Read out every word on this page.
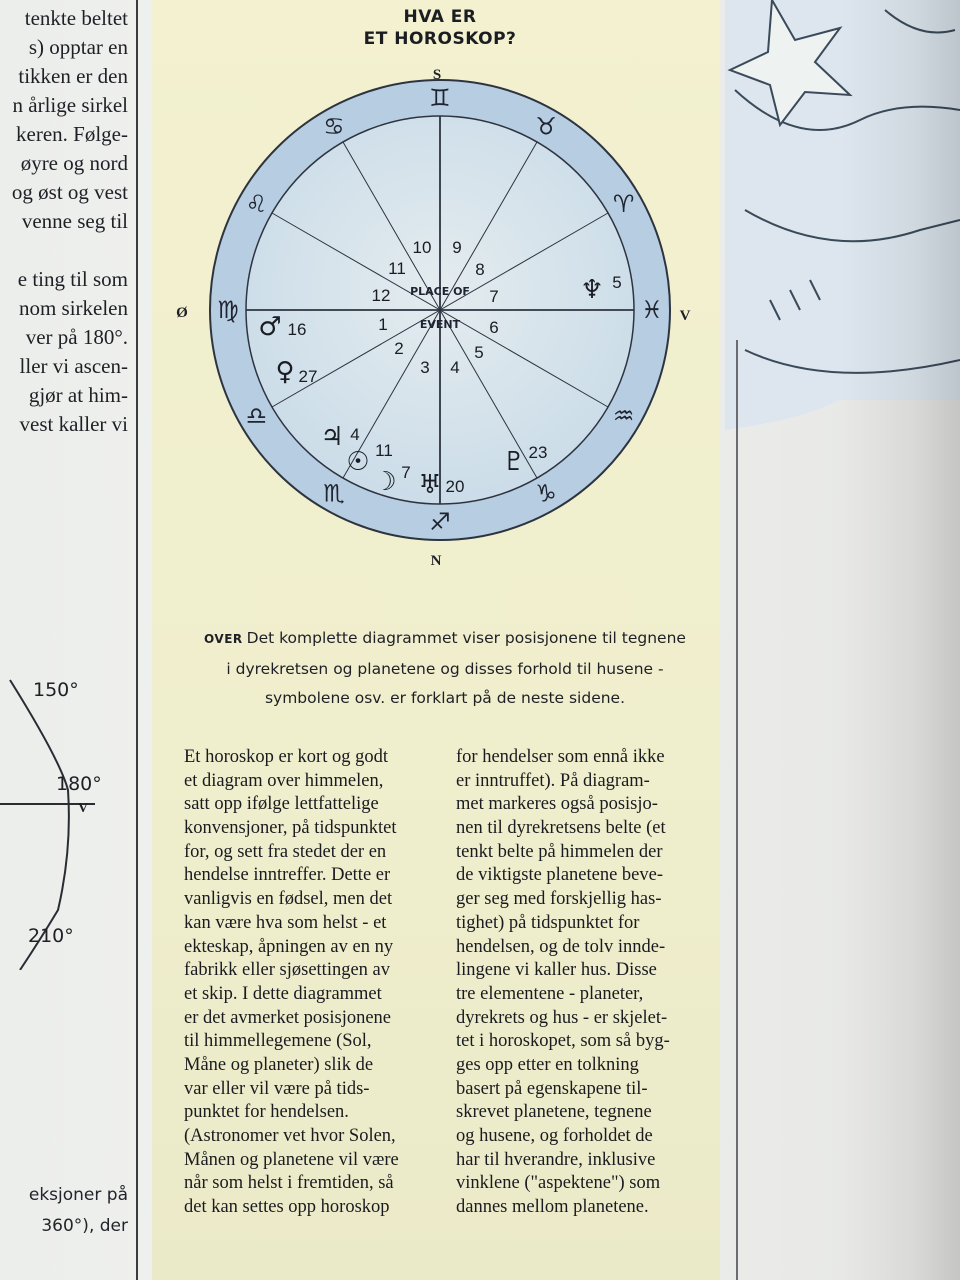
tenkte beltet
s) opptar en
tikken er den
n årlige sirkel
keren. Følge-
øyre og nord
og øst og vest
venne seg til
e ting til som
nom sirkelen
ver på 180°.
ller vi ascen-
gjør at him-
vest kaller vi
150°
180°
V
210°
eksjoner på
360°), der
HVA ER
ET HOROSKOP?
♊
♉
♈
♓
♒
♑
♐
♏
♎
♍
♌
♋
1
2
3 4
5
6
7
8
9
10
11
12	♆ 5
♂ 16
♀ 27
♃ 4
☉ 11
☽ 7 ♅ 20
♇ 23
PLACE OF
EVENT
S
N
Ø	V
OVER Det komplette diagrammet viser posisjonene til tegnene
i dyrekretsen og planetene og disses forhold til husene -
symbolene osv. er forklart på de neste sidene.
Et horoskop er kort og godt
et diagram over himmelen,
satt opp ifølge lettfattelige
konvensjoner, på tidspunktet
for, og sett fra stedet der en
hendelse inntreffer. Dette er
vanligvis en fødsel, men det
kan være hva som helst - et
ekteskap, åpningen av en ny
fabrikk eller sjøsettingen av
et skip. I dette diagrammet
er det avmerket posisjonene
til himmellegemene (Sol,
Måne og planeter) slik de
var eller vil være på tids-
punktet for hendelsen.
(Astronomer vet hvor Solen,
Månen og planetene vil være
når som helst i fremtiden, så
det kan settes opp horoskop
for hendelser som ennå ikke
er inntruffet). På diagram-
met markeres også posisjo-
nen til dyrekretsens belte (et
tenkt belte på himmelen der
de viktigste planetene beve-
ger seg med forskjellig has-
tighet) på tidspunktet for
hendelsen, og de tolv innde-
lingene vi kaller hus. Disse
tre elementene - planeter,
dyrekrets og hus - er skjelet-
tet i horoskopet, som så byg-
ges opp etter en tolkning
basert på egenskapene til-
skrevet planetene, tegnene
og husene, og forholdet de
har til hverandre, inklusive
vinklene ("aspektene") som
dannes mellom planetene.
